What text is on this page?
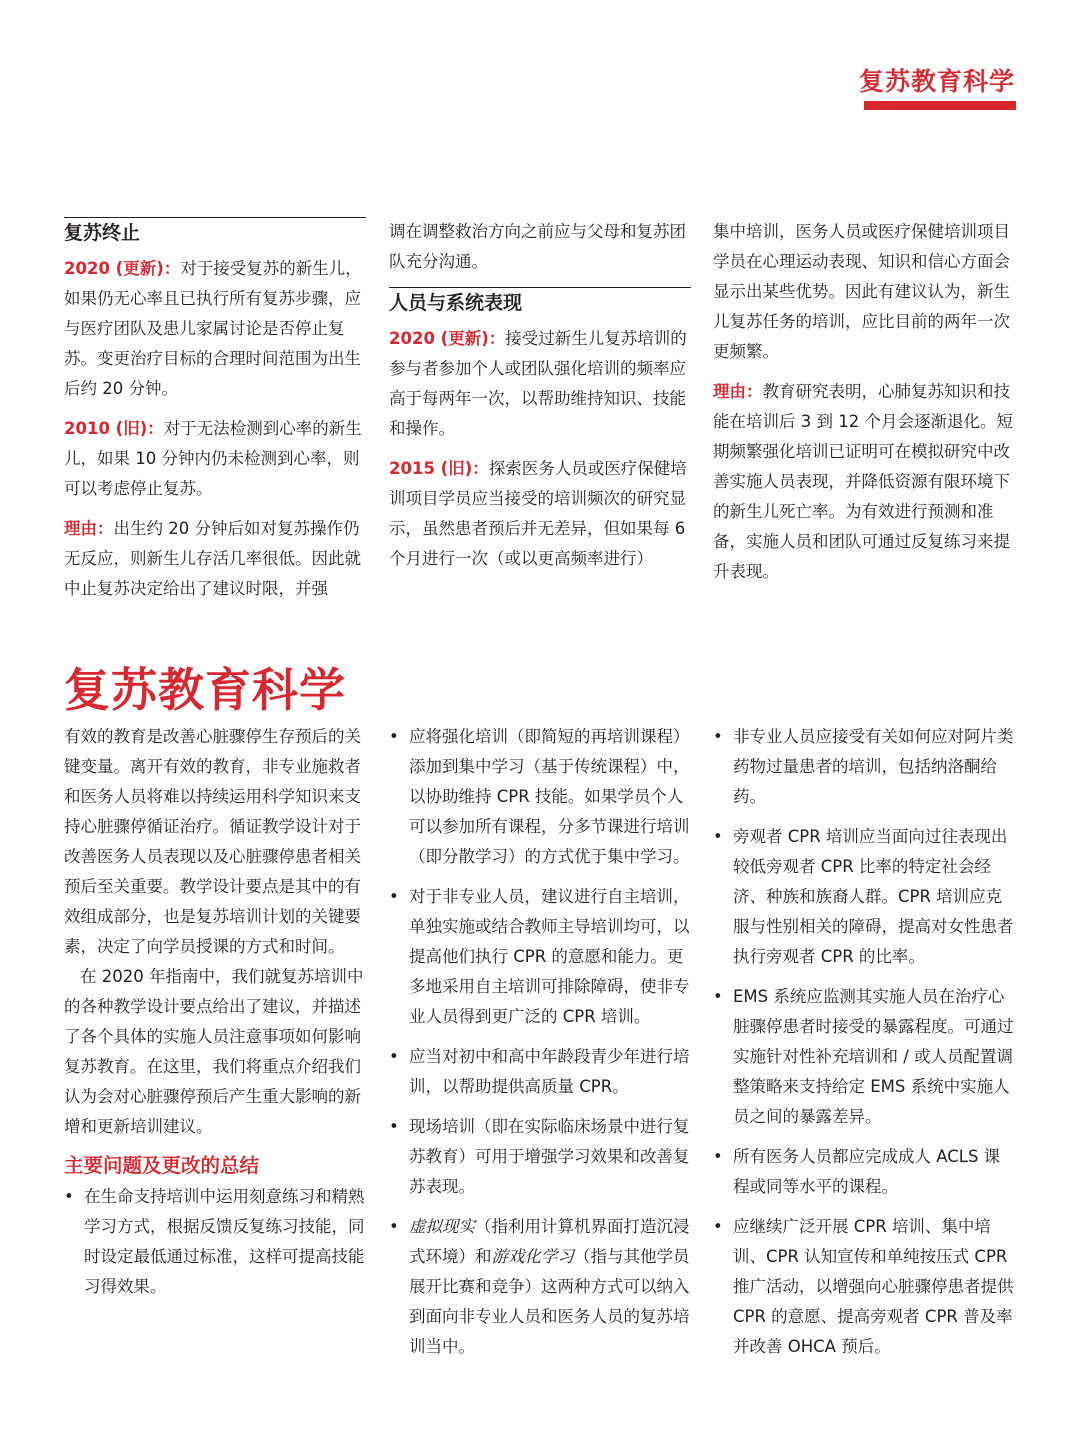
复苏教育科学
复苏终止

2020 (更新)：对于接受复苏的新生儿，如果仍无心率且已执行所有复苏步骤，应与医疗团队及患儿家属讨论是否停止复苏。变更治疗目标的合理时间范围为出生后约 20 分钟。

2010 (旧)：对于无法检测到心率的新生儿，如果 10 分钟内仍未检测到心率，则可以考虑停止复苏。

理由：出生约 20 分钟后如对复苏操作仍无反应，则新生儿存活几率很低。因此就中止复苏决定给出了建议时限，并强

调在调整救治方向之前应与父母和复苏团队充分沟通。

人员与系统表现

2020 (更新)：接受过新生儿复苏培训的参与者参加个人或团队强化培训的频率应高于每两年一次，以帮助维持知识、技能和操作。

2015 (旧)：探索医务人员或医疗保健培训项目学员应当接受的培训频次的研究显示，虽然患者预后并无差异，但如果每 6 个月进行一次（或以更高频率进行）

集中培训，医务人员或医疗保健培训项目学员在心理运动表现、知识和信心方面会显示出某些优势。因此有建议认为，新生儿复苏任务的培训，应比目前的两年一次更频繁。

理由：教育研究表明，心肺复苏知识和技能在培训后 3 到 12 个月会逐渐退化。短期频繁强化培训已证明可在模拟研究中改善实施人员表现，并降低资源有限环境下的新生儿死亡率。为有效进行预测和准备，实施人员和团队可通过反复练习来提升表现。

复苏教育科学

有效的教育是改善心脏骤停生存预后的关键变量。离开有效的教育，非专业施救者和医务人员将难以持续运用科学知识来支持心脏骤停循证治疗。循证教学设计对于改善医务人员表现以及心脏骤停患者相关预后至关重要。教学设计要点是其中的有效组成部分，也是复苏培训计划的关键要素，决定了向学员授课的方式和时间。

在 2020 年指南中，我们就复苏培训中的各种教学设计要点给出了建议，并描述了各个具体的实施人员注意事项如何影响复苏教育。在这里，我们将重点介绍我们认为会对心脏骤停预后产生重大影响的新增和更新培训建议。

主要问题及更改的总结
• 在生命支持培训中运用刻意练习和精熟学习方式，根据反馈反复练习技能，同时设定最低通过标准，这样可提高技能习得效果。
• 应将强化培训（即简短的再培训课程）添加到集中学习（基于传统课程）中，以协助维持 CPR 技能。如果学员个人可以参加所有课程，分多节课进行培训（即分散学习）的方式优于集中学习。
• 对于非专业人员，建议进行自主培训，单独实施或结合教师主导培训均可，以提高他们执行 CPR 的意愿和能力。更多地采用自主培训可排除障碍，使非专业人员得到更广泛的 CPR 培训。
• 应当对初中和高中年龄段青少年进行培训，以帮助提供高质量 CPR。
• 现场培训（即在实际临床场景中进行复苏教育）可用于增强学习效果和改善复苏表现。
• 虚拟现实（指利用计算机界面打造沉浸式环境）和游戏化学习（指与其他学员展开比赛和竞争）这两种方式可以纳入到面向非专业人员和医务人员的复苏培训当中。
• 非专业人员应接受有关如何应对阿片类药物过量患者的培训，包括纳洛酮给药。
• 旁观者 CPR 培训应当面向过往表现出较低旁观者 CPR 比率的特定社会经济、种族和族裔人群。CPR 培训应克服与性别相关的障碍，提高对女性患者执行旁观者 CPR 的比率。
• EMS 系统应监测其实施人员在治疗心脏骤停患者时接受的暴露程度。可通过实施针对性补充培训和 / 或人员配置调整策略来支持给定 EMS 系统中实施人员之间的暴露差异。
• 所有医务人员都应完成成人 ACLS 课程或同等水平的课程。
• 应继续广泛开展 CPR 培训、集中培训、CPR 认知宣传和单纯按压式 CPR 推广活动，以增强向心脏骤停患者提供 CPR 的意愿、提高旁观者 CPR 普及率并改善 OHCA 预后。
